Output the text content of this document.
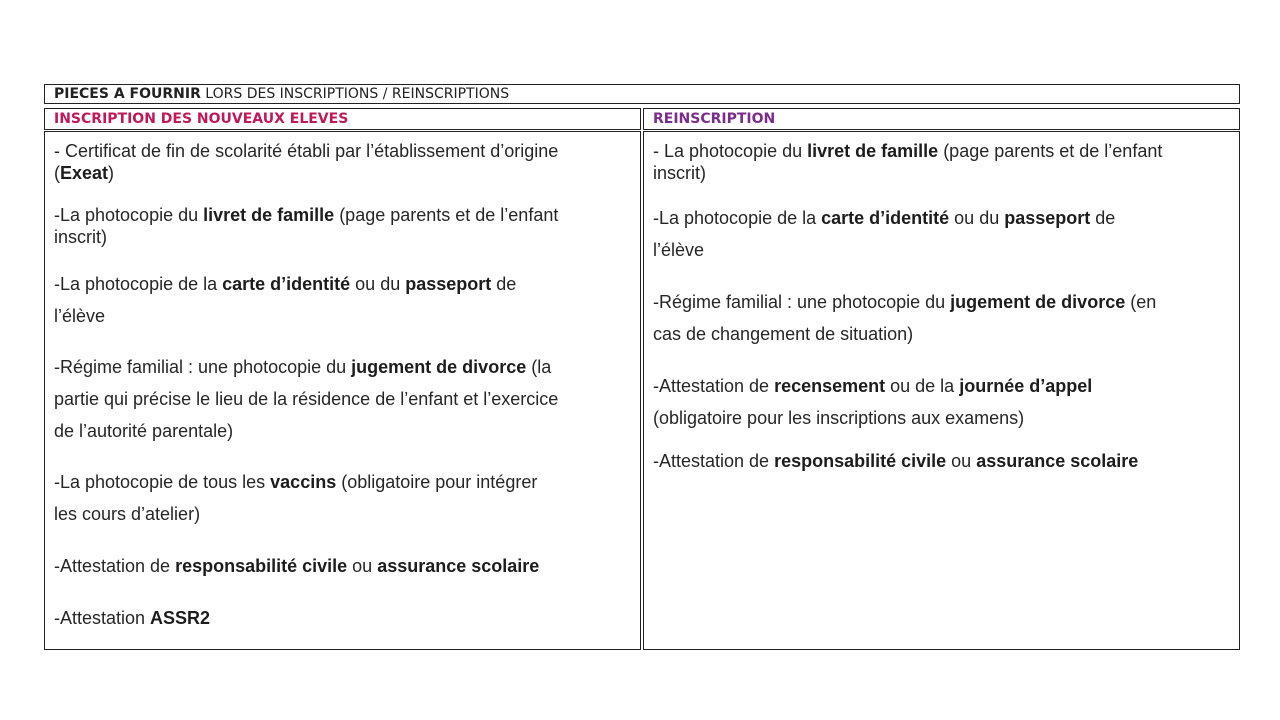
PIECES A FOURNIR LORS DES INSCRIPTIONS / REINSCRIPTIONS
INSCRIPTION DES NOUVEAUX ELEVES	REINSCRIPTION
- Certificat de fin de scolarité établi par l’établissement d’origine
(Exeat)
-La photocopie du livret de famille (page parents et de l’enfant
inscrit)
-La photocopie de la carte d’identité ou du passeport de
l’élève
-Régime familial : une photocopie du jugement de divorce (la
partie qui précise le lieu de la résidence de l’enfant et l’exercice
de l’autorité parentale)
-La photocopie de tous les vaccins (obligatoire pour intégrer
les cours d’atelier)
-Attestation de responsabilité civile ou assurance scolaire
-Attestation ASSR2
- La photocopie du livret de famille (page parents et de l’enfant
inscrit)
-La photocopie de la carte d’identité ou du passeport de
l’élève
-Régime familial : une photocopie du jugement de divorce (en
cas de changement de situation)
-Attestation de recensement ou de la journée d’appel
(obligatoire pour les inscriptions aux examens)
-Attestation de responsabilité civile ou assurance scolaire
